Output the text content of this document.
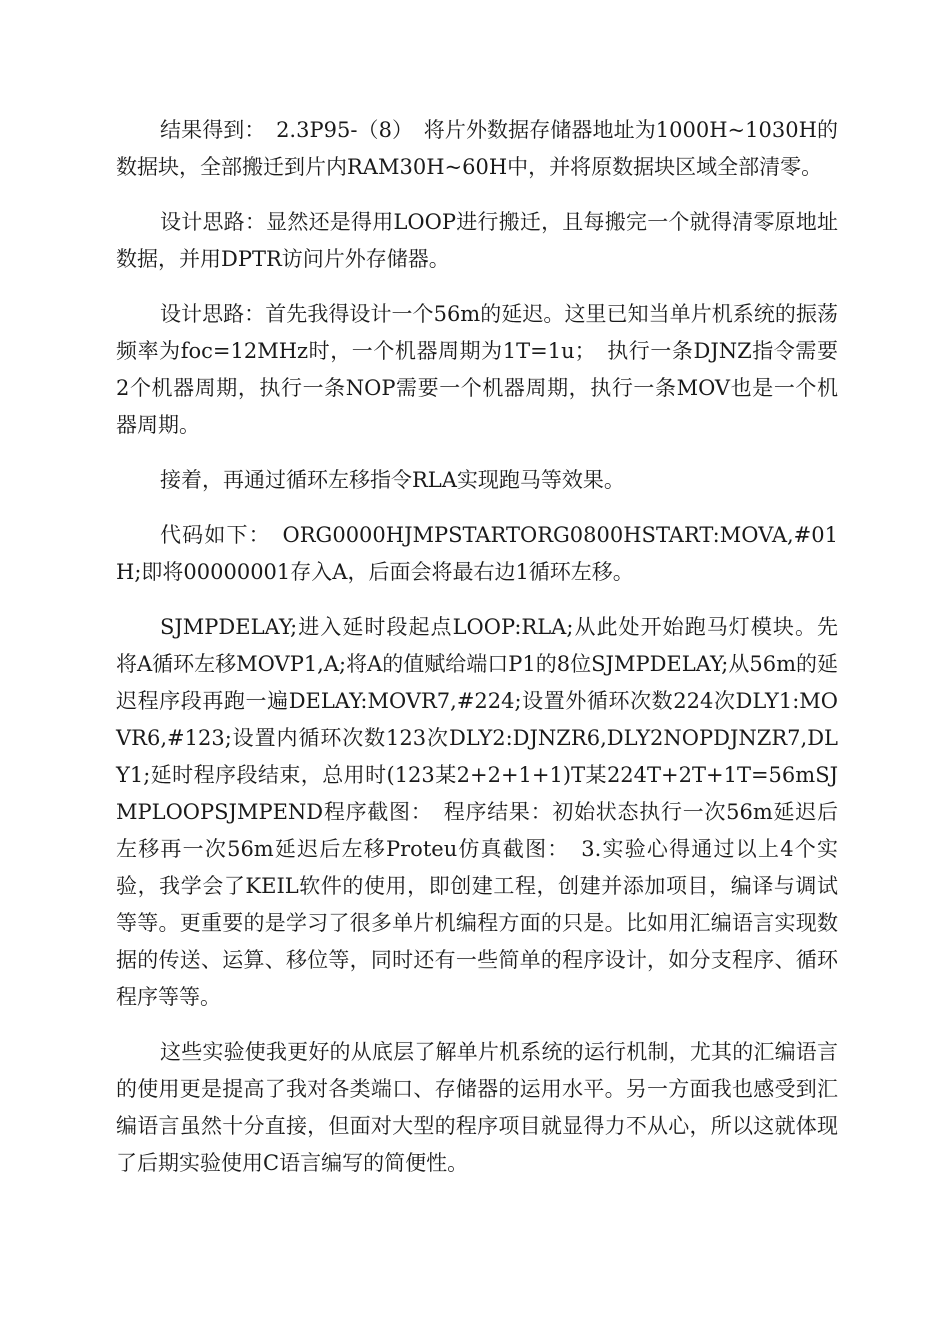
结果得到：　2.3P95-（8）　将片外数据存储器地址为1000H~1030H的数据块，全部搬迁到片内RAM30H~60H中，并将原数据块区域全部清零。

设计思路：显然还是得用LOOP进行搬迁，且每搬完一个就得清零原地址数据，并用DPTR访问片外存储器。

设计思路：首先我得设计一个56m的延迟。这里已知当单片机系统的振荡频率为foc=12MHz时，一个机器周期为1T=1u；　执行一条DJNZ指令需要2个机器周期，执行一条NOP需要一个机器周期，执行一条MOV也是一个机器周期。

接着，再通过循环左移指令RLA实现跑马等效果。

代码如下：　ORG0000HJMPSTARTORG0800HSTART:MOVA,#01H;即将00000001存入A，后面会将最右边1循环左移。

SJMPDELAY;进入延时段起点LOOP:RLA;从此处开始跑马灯模块。先将A循环左移MOVP1,A;将A的值赋给端口P1的8位SJMPDELAY;从56m的延迟程序段再跑一遍DELAY:MOVR7,#224;设置外循环次数224次DLY1:MOVR6,#123;设置内循环次数123次DLY2:DJNZR6,DLY2NOPDJNZR7,DLY1;延时程序段结束，总用时(123某2+2+1+1)T某224T+2T+1T=56mSJMPLOOPSJMPEND程序截图：　程序结果：初始状态执行一次56m延迟后左移再一次56m延迟后左移Proteu仿真截图：　3.实验心得通过以上4个实验，我学会了KEIL软件的使用，即创建工程，创建并添加项目，编译与调试等等。更重要的是学习了很多单片机编程方面的只是。比如用汇编语言实现数据的传送、运算、移位等，同时还有一些简单的程序设计，如分支程序、循环程序等等。

这些实验使我更好的从底层了解单片机系统的运行机制，尤其的汇编语言的使用更是提高了我对各类端口、存储器的运用水平。另一方面我也感受到汇编语言虽然十分直接，但面对大型的程序项目就显得力不从心，所以这就体现了后期实验使用C语言编写的简便性。
